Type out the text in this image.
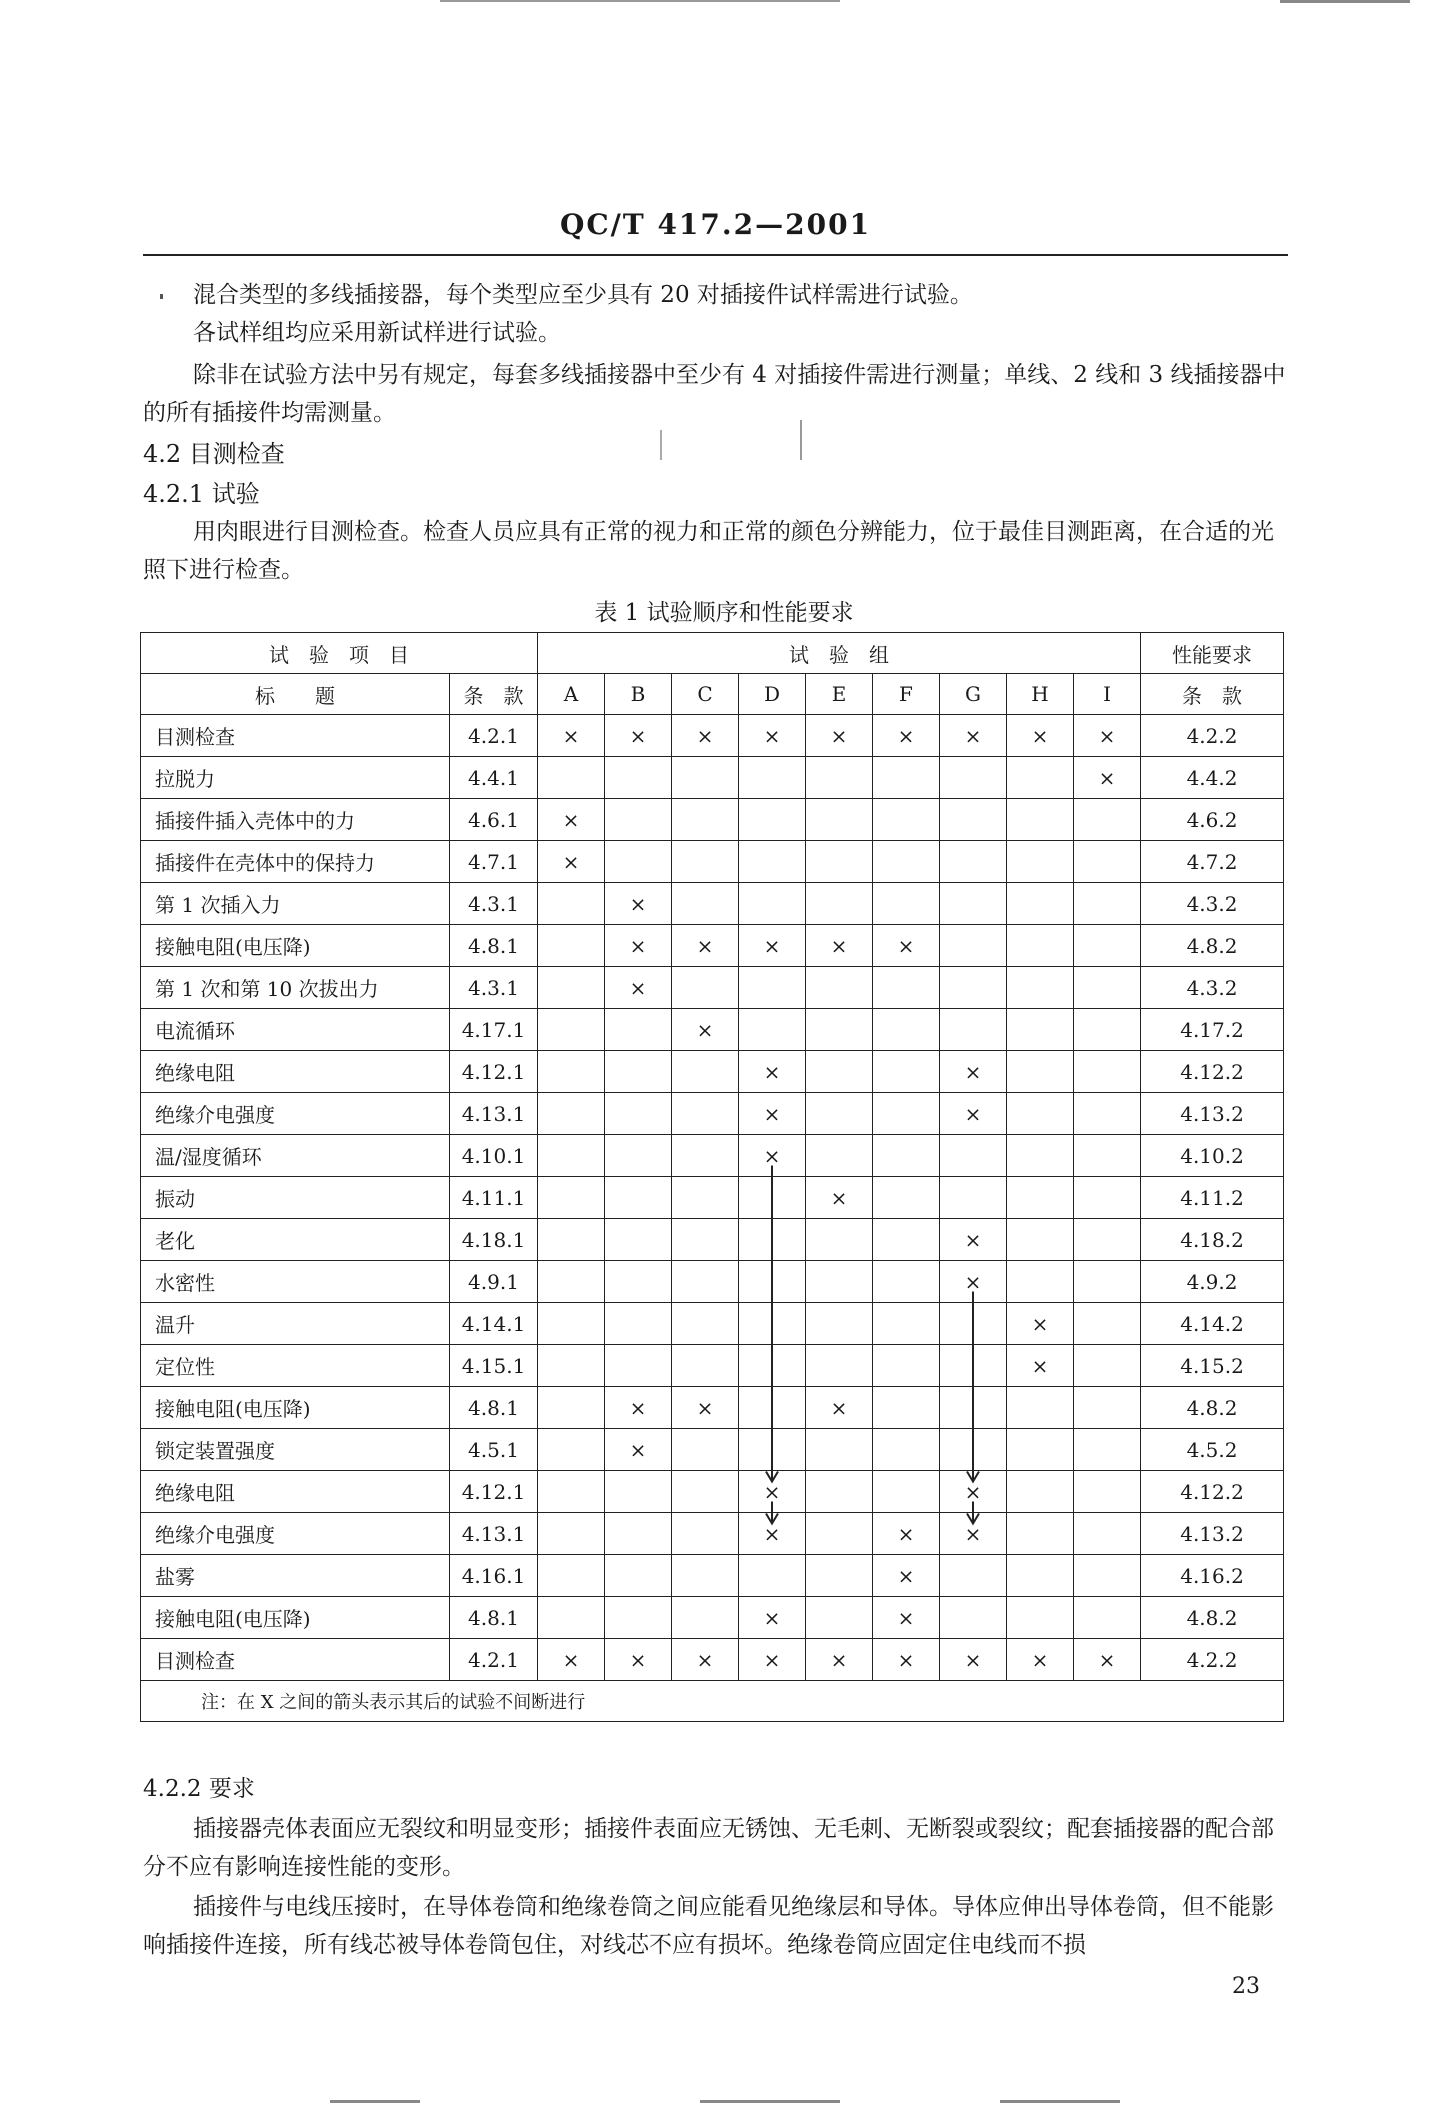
QC/T 417.2—2001
混合类型的多线插接器，每个类型应至少具有 20 对插接件试样需进行试验。
各试样组均应采用新试样进行试验。
除非在试验方法中另有规定，每套多线插接器中至少有 4 对插接件需进行测量；单线、2 线和 3 线插接器中的所有插接件均需测量。
4.2 目测检查
4.2.1 试验
用肉眼进行目测检查。检查人员应具有正常的视力和正常的颜色分辨能力，位于最佳目测距离，在合适的光照下进行检查。
表 1 试验顺序和性能要求
试　验　项　目		试　验　组									性能要求
标　　题	条　款	A	B	C	D	E	F	G	H	I	条　款
目测检查	4.2.1	×	×	×	×	×	×	×	×	×	4.2.2
拉脱力	4.4.1									×	4.4.2
插接件插入壳体中的力	4.6.1	×									4.6.2
插接件在壳体中的保持力	4.7.1	×									4.7.2
第 1 次插入力	4.3.1		×								4.3.2
接触电阻(电压降)	4.8.1		×	×	×	×	×				4.8.2
第 1 次和第 10 次拔出力	4.3.1		×								4.3.2
电流循环	4.17.1			×							4.17.2
绝缘电阻	4.12.1				×			×			4.12.2
绝缘介电强度	4.13.1				×			×			4.13.2
温/湿度循环	4.10.1				×						4.10.2
振动	4.11.1					×					4.11.2
老化	4.18.1							×			4.18.2
水密性	4.9.1							×			4.9.2
温升	4.14.1								×		4.14.2
定位性	4.15.1								×		4.15.2
接触电阻(电压降)	4.8.1		×	×		×					4.8.2
锁定装置强度	4.5.1		×								4.5.2
绝缘电阻	4.12.1				×			×			4.12.2
绝缘介电强度	4.13.1				×		×	×			4.13.2
盐雾	4.16.1						×				4.16.2
接触电阻(电压降)	4.8.1				×		×				4.8.2
目测检查	4.2.1	×	×	×	×	×	×	×	×	×	4.2.2
注：在 X 之间的箭头表示其后的试验不间断进行											
4.2.2 要求
插接器壳体表面应无裂纹和明显变形；插接件表面应无锈蚀、无毛刺、无断裂或裂纹；配套插接器的配合部分不应有影响连接性能的变形。
插接件与电线压接时，在导体卷筒和绝缘卷筒之间应能看见绝缘层和导体。导体应伸出导体卷筒，但不能影响插接件连接，所有线芯被导体卷筒包住，对线芯不应有损坏。绝缘卷筒应固定住电线而不损
23
